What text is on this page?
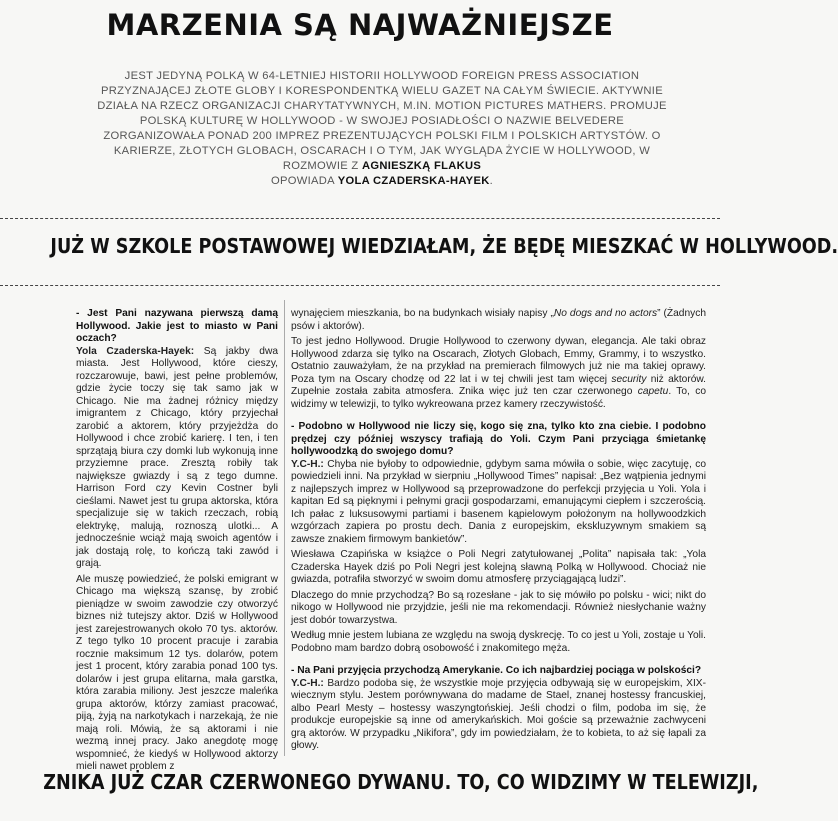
MARZENIA SĄ NAJWAŻNIEJSZE
JEST JEDYNĄ POLKĄ W 64-LETNIEJ HISTORII HOLLYWOOD FOREIGN PRESS ASSOCIATION PRZYZNAJĄCEJ ZŁOTE GLOBY I KORESPONDENTKĄ WIELU GAZET NA CAŁYM ŚWIECIE. AKTYWNIE DZIAŁA NA RZECZ ORGANIZACJI CHARYTATYWNYCH, M.IN. MOTION PICTURES MATHERS. PROMUJE POLSKĄ KULTURĘ W HOLLYWOOD - W SWOJEJ POSIADŁOŚCI O NAZWIE BELVEDERE ZORGANIZOWAŁA PONAD 200 IMPREZ PREZENTUJĄCYCH POLSKI FILM I POLSKICH ARTYSTÓW. O KARIERZE, ZŁOTYCH GLOBACH, OSCARACH I O TYM, JAK WYGLĄDA ŻYCIE W HOLLYWOOD, W ROZMOWIE Z AGNIESZKĄ FLAKUS
OPOWIADA YOLA CZADERSKA-HAYEK.
JUŻ W SZKOLE POSTAWOWEJ WIEDZIAŁAM, ŻE BĘDĘ MIESZKAĆ W HOLLYWOOD.

- Jest Pani nazywana pierwszą damą Hollywood. Jakie jest to miasto w Pani oczach?

Yola Czaderska-Hayek: Są jakby dwa miasta. Jest Hollywood, które cieszy, rozczarowuje, bawi, jest pełne problemów, gdzie życie toczy się tak samo jak w Chicago. Nie ma żadnej różnicy między imigrantem z Chicago, który przyjechał zarobić a aktorem, który przyjeżdża do Hollywood i chce zrobić karierę. I ten, i ten sprzątają biura czy domki lub wykonują inne przyziemne prace. Zresztą robiły tak największe gwiazdy i są z tego dumne. Harrison Ford czy Kevin Costner byli cieślami. Nawet jest tu grupa aktorska, która specjalizuje się w takich rzeczach, robią elektrykę, malują, roznoszą ulotki... A jednocześnie wciąż mają swoich agentów i jak dostają rolę, to kończą taki zawód i grają.

Ale muszę powiedzieć, że polski emigrant w Chicago ma większą szansę, by zrobić pieniądze w swoim zawodzie czy otworzyć biznes niż tutejszy aktor. Dziś w Hollywood jest zarejestrowanych około 70 tys. aktorów. Z tego tylko 10 procent pracuje i zarabia rocznie maksimum 12 tys. dolarów, potem jest 1 procent, który zarabia ponad 100 tys. dolarów i jest grupa elitarna, mała garstka, która zarabia miliony. Jest jeszcze maleńka grupa aktorów, którzy zamiast pracować, piją, żyją na narkotykach i narzekają, że nie mają roli. Mówią, że są aktorami i nie wezmą innej pracy. Jako anegdotę mogę wspomnieć, że kiedyś w Hollywood aktorzy mieli nawet problem z

wynajęciem mieszkania, bo na budynkach wisiały napisy „No dogs and no actors” (Żadnych psów i aktorów).

To jest jedno Hollywood. Drugie Hollywood to czerwony dywan, elegancja. Ale taki obraz Hollywood zdarza się tylko na Oscarach, Złotych Globach, Emmy, Grammy, i to wszystko. Ostatnio zauważyłam, że na przykład na premierach filmowych już nie ma takiej oprawy. Poza tym na Oscary chodzę od 22 lat i w tej chwili jest tam więcej security niż aktorów. Zupełnie została zabita atmosfera. Znika więc już ten czar czerwonego capetu. To, co widzimy w telewizji, to tylko wykreowana przez kamery rzeczywistość.

- Podobno w Hollywood nie liczy się, kogo się zna, tylko kto zna ciebie. I podobno prędzej czy później wszyscy trafiają do Yoli. Czym Pani przyciąga śmietankę hollywoodzką do swojego domu?

Y.C-H.: Chyba nie byłoby to odpowiednie, gdybym sama mówiła o sobie, więc zacytuję, co powiedzieli inni. Na przykład w sierpniu „Hollywood Times” napisał: „Bez wątpienia jednymi z najlepszych imprez w Hollywood są przeprowadzone do perfekcji przyjęcia u Yoli. Yola i kapitan Ed są pięknymi i pełnymi gracji gospodarzami, emanującymi ciepłem i szczerością. Ich pałac z luksusowymi partiami i basenem kąpielowym położonym na hollywoodzkich wzgórzach zapiera po prostu dech. Dania z europejskim, ekskluzywnym smakiem są zawsze znakiem firmowym bankietów”.

Wiesława Czapińska w książce o Poli Negri zatytułowanej „Polita” napisała tak: „Yola Czaderska Hayek dziś po Poli Negri jest kolejną sławną Polką w Hollywood. Chociaż nie gwiazda, potrafiła stworzyć w swoim domu atmosferę przyciągającą ludzi”.

Dlaczego do mnie przychodzą? Bo są rozesłane - jak to się mówiło po polsku - wici; nikt do nikogo w Hollywood nie przyjdzie, jeśli nie ma rekomendacji. Również niesłychanie ważny jest dobór towarzystwa.

Według mnie jestem lubiana ze względu na swoją dyskrecję. To co jest u Yoli, zostaje u Yoli. Podobno mam bardzo dobrą osobowość i znakomitego męża.

- Na Pani przyjęcia przychodzą Amerykanie. Co ich najbardziej pociąga w polskości?

Y.C-H.: Bardzo podoba się, że wszystkie moje przyjęcia odbywają się w europejskim, XIX-wiecznym stylu. Jestem porównywana do madame de Stael, znanej hostessy francuskiej, albo Pearl Mesty – hostessy waszyngtońskiej. Jeśli chodzi o film, podoba im się, że produkcje europejskie są inne od amerykańskich. Moi goście są przeważnie zachwyceni grą aktorów. W przypadku „Nikifora”, gdy im powiedziałam, że to kobieta, to aż się łapali za głowy.

ZNIKA JUŻ CZAR CZERWONEGO DYWANU. TO, CO WIDZIMY W TELEWIZJI,
